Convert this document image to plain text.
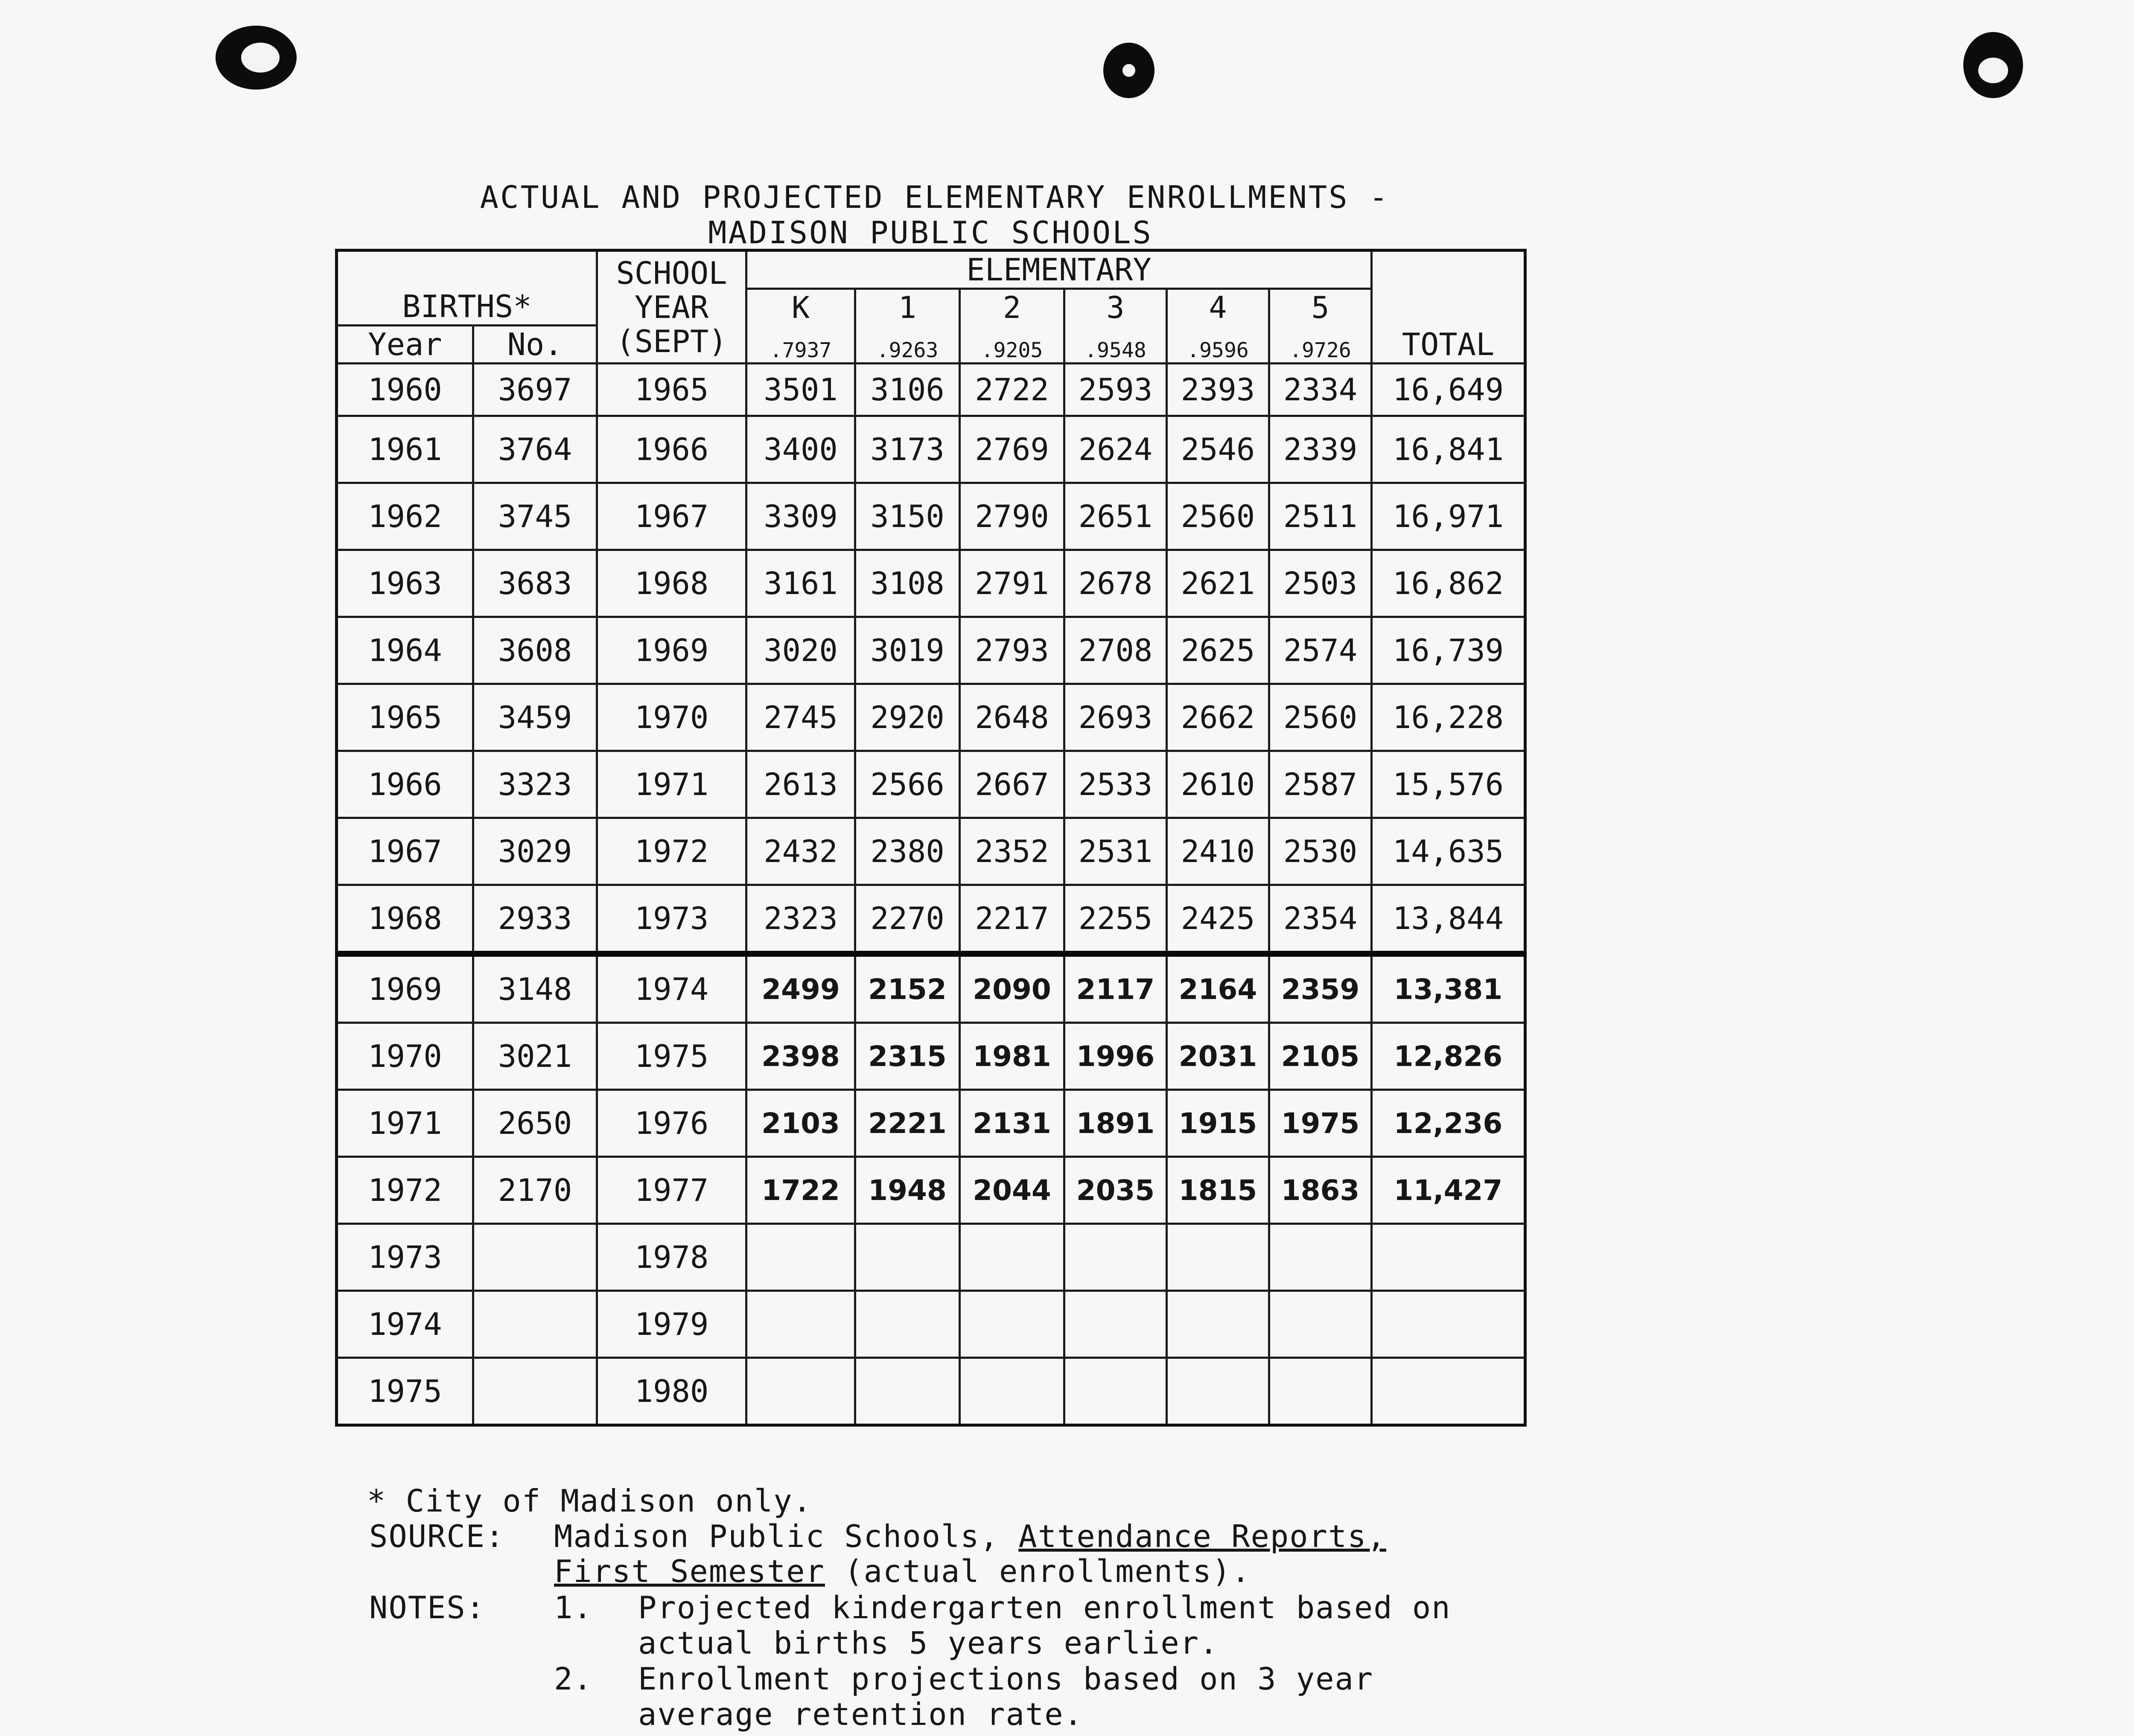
ACTUAL AND PROJECTED ELEMENTARY ENROLLMENTS -
MADISON PUBLIC SCHOOLS
BIRTHS*		SCHOOL
YEAR
(SEPT)	ELEMENTARY						TOTAL
			K	1	2	3	4	5	
Year	No.		.7937	.9263	.9205	.9548	.9596	.9726	
1960	3697	1965	3501	3106	2722	2593	2393	2334	16,649
1961	3764	1966	3400	3173	2769	2624	2546	2339	16,841
1962	3745	1967	3309	3150	2790	2651	2560	2511	16,971
1963	3683	1968	3161	3108	2791	2678	2621	2503	16,862
1964	3608	1969	3020	3019	2793	2708	2625	2574	16,739
1965	3459	1970	2745	2920	2648	2693	2662	2560	16,228
1966	3323	1971	2613	2566	2667	2533	2610	2587	15,576
1967	3029	1972	2432	2380	2352	2531	2410	2530	14,635
1968	2933	1973	2323	2270	2217	2255	2425	2354	13,844
1969	3148	1974	2499	2152	2090	2117	2164	2359	13,381
1970	3021	1975	2398	2315	1981	1996	2031	2105	12,826
1971	2650	1976	2103	2221	2131	1891	1915	1975	12,236
1972	2170	1977	1722	1948	2044	2035	1815	1863	11,427
1973		1978							
1974		1979							
1975		1980							
* City of Madison only.
SOURCE: Madison Public Schools, Attendance Reports,
First Semester (actual enrollments).
NOTES: 1. Projected kindergarten enrollment based on
actual births 5 years earlier.
2. Enrollment projections based on 3 year
average retention rate.
